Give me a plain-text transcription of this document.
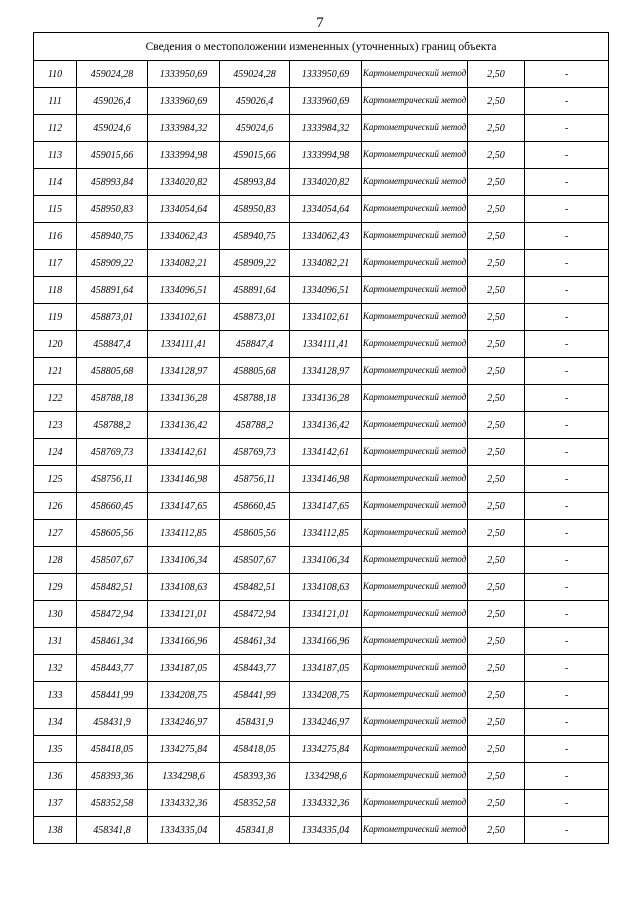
7
Сведения о местоположении измененных (уточненных) границ объекта							
110	459024,28	1333950,69	459024,28	1333950,69	Картометрический метод	2,50	-
111	459026,4	1333960,69	459026,4	1333960,69	Картометрический метод	2,50	-
112	459024,6	1333984,32	459024,6	1333984,32	Картометрический метод	2,50	-
113	459015,66	1333994,98	459015,66	1333994,98	Картометрический метод	2,50	-
114	458993,84	1334020,82	458993,84	1334020,82	Картометрический метод	2,50	-
115	458950,83	1334054,64	458950,83	1334054,64	Картометрический метод	2,50	-
116	458940,75	1334062,43	458940,75	1334062,43	Картометрический метод	2,50	-
117	458909,22	1334082,21	458909,22	1334082,21	Картометрический метод	2,50	-
118	458891,64	1334096,51	458891,64	1334096,51	Картометрический метод	2,50	-
119	458873,01	1334102,61	458873,01	1334102,61	Картометрический метод	2,50	-
120	458847,4	1334111,41	458847,4	1334111,41	Картометрический метод	2,50	-
121	458805,68	1334128,97	458805,68	1334128,97	Картометрический метод	2,50	-
122	458788,18	1334136,28	458788,18	1334136,28	Картометрический метод	2,50	-
123	458788,2	1334136,42	458788,2	1334136,42	Картометрический метод	2,50	-
124	458769,73	1334142,61	458769,73	1334142,61	Картометрический метод	2,50	-
125	458756,11	1334146,98	458756,11	1334146,98	Картометрический метод	2,50	-
126	458660,45	1334147,65	458660,45	1334147,65	Картометрический метод	2,50	-
127	458605,56	1334112,85	458605,56	1334112,85	Картометрический метод	2,50	-
128	458507,67	1334106,34	458507,67	1334106,34	Картометрический метод	2,50	-
129	458482,51	1334108,63	458482,51	1334108,63	Картометрический метод	2,50	-
130	458472,94	1334121,01	458472,94	1334121,01	Картометрический метод	2,50	-
131	458461,34	1334166,96	458461,34	1334166,96	Картометрический метод	2,50	-
132	458443,77	1334187,05	458443,77	1334187,05	Картометрический метод	2,50	-
133	458441,99	1334208,75	458441,99	1334208,75	Картометрический метод	2,50	-
134	458431,9	1334246,97	458431,9	1334246,97	Картометрический метод	2,50	-
135	458418,05	1334275,84	458418,05	1334275,84	Картометрический метод	2,50	-
136	458393,36	1334298,6	458393,36	1334298,6	Картометрический метод	2,50	-
137	458352,58	1334332,36	458352,58	1334332,36	Картометрический метод	2,50	-
138	458341,8	1334335,04	458341,8	1334335,04	Картометрический метод	2,50	-
